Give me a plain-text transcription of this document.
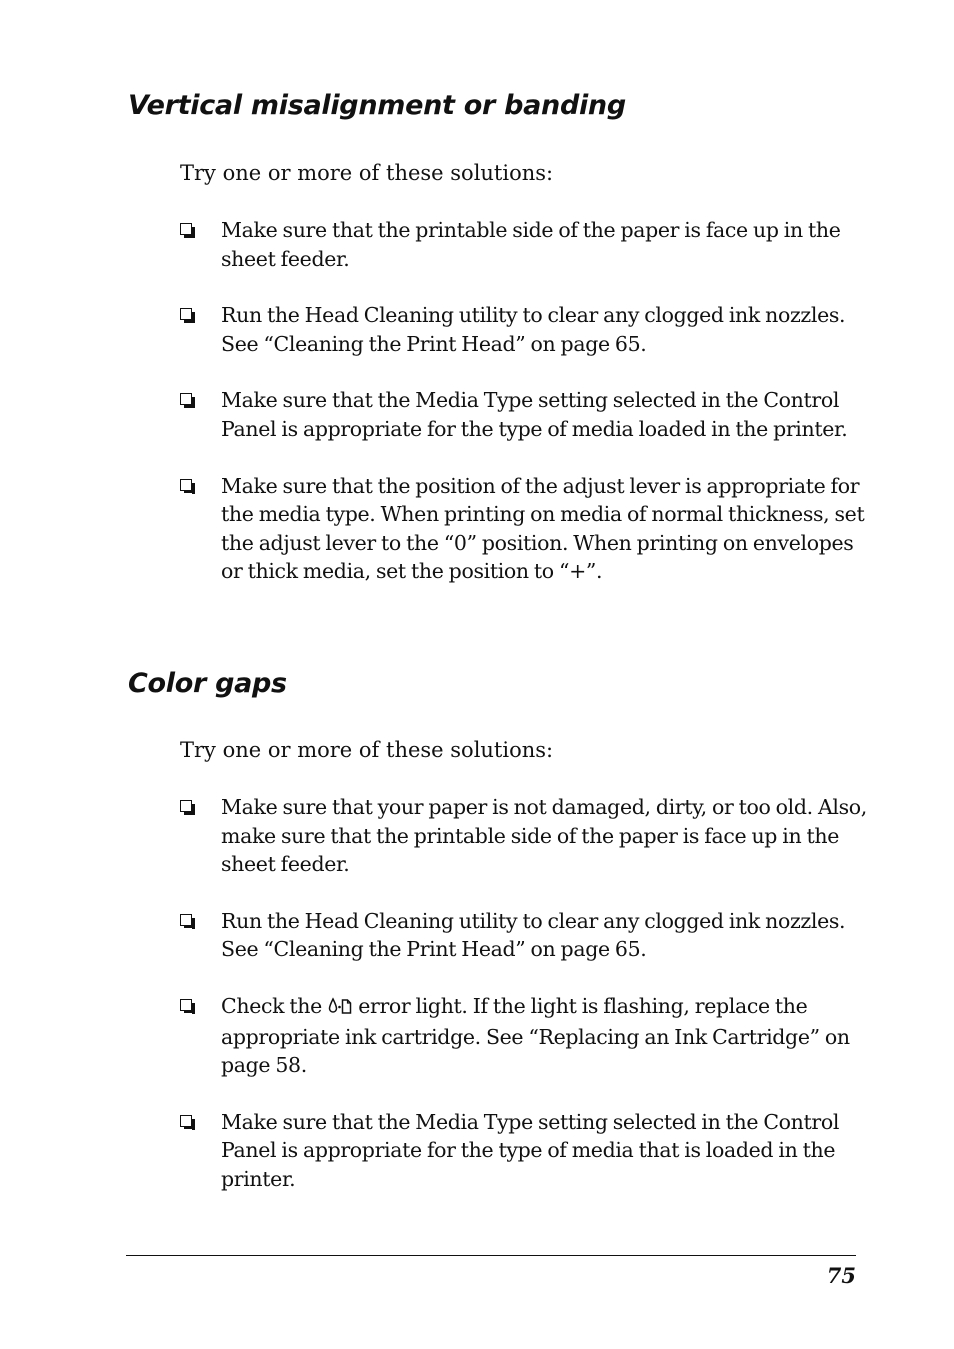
Vertical misalignment or banding

Try one or more of these solutions:

Make sure that the printable side of the paper is face up in the sheet feeder.
Run the Head Cleaning utility to clear any clogged ink nozzles. See “Cleaning the Print Head” on page 65.
Make sure that the Media Type setting selected in the Control Panel is appropriate for the type of media loaded in the printer.
Make sure that the position of the adjust lever is appropriate for the media type. When printing on media of normal thickness, set the adjust lever to the “0” position. When printing on envelopes or thick media, set the position to “+”.
Color gaps

Try one or more of these solutions:

Make sure that your paper is not damaged, dirty, or too old. Also, make sure that the printable side of the paper is face up in the sheet feeder.
Run the Head Cleaning utility to clear any clogged ink nozzles. See “Cleaning the Print Head” on page 65.
Check the error light. If the light is flashing, replace the appropriate ink cartridge. See “Replacing an Ink Cartridge” on page 58.
Make sure that the Media Type setting selected in the Control Panel is appropriate for the type of media that is loaded in the printer.
75
